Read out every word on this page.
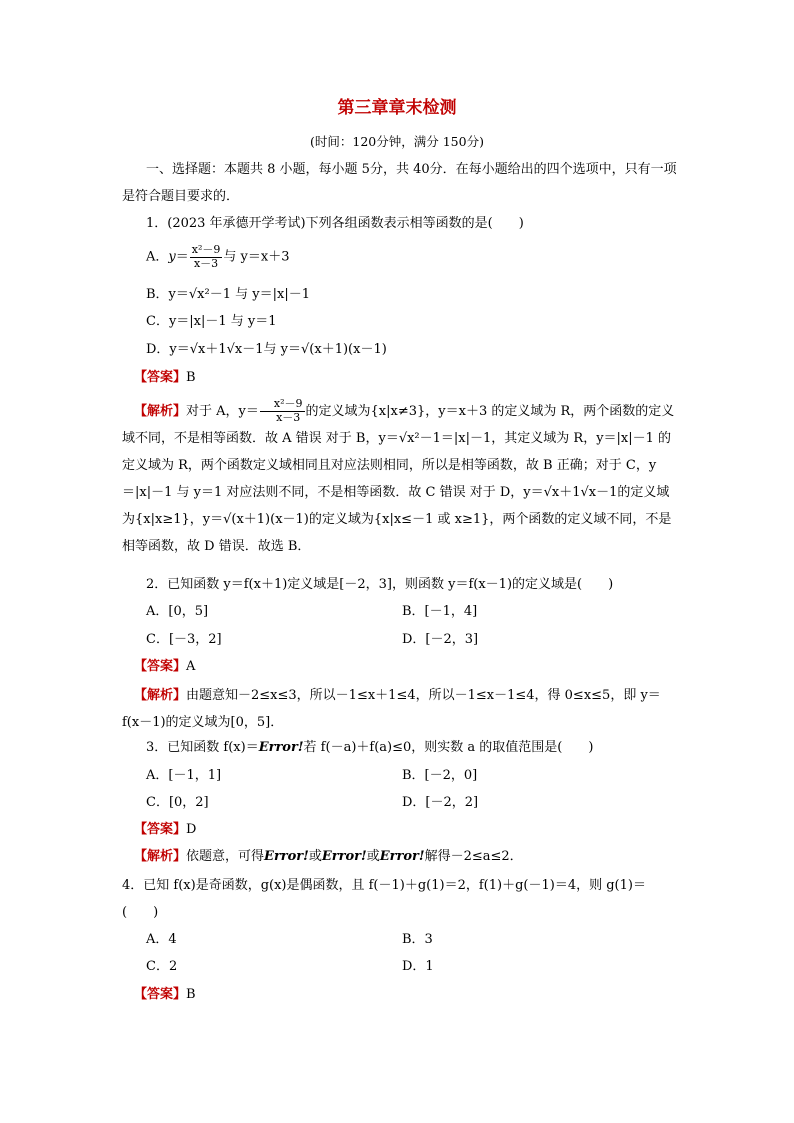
第三章章末检测
(时间：120分钟，满分 150分)
一、选择题：本题共 8 小题，每小题 5分，共 40分．在每小题给出的四个选项中，只有一项是符合题目要求的．
1．(2023 年承德开学考试)下列各组函数表示相等函数的是(　　)
A．$y= \frac{\text{x²－9}}{x-3}$ 与 y＝x＋3
B．y＝√x²－1 与 y＝|x|－1
C．y＝|x|－1 与 y＝1
D．y＝√x＋1√x－1与 y＝√(x＋1)(x－1)
【答案】B
【解析】对于 A，$y= \frac{\text{x²－9}}{x-3}$ 的定义域为{x|x≠3}，y＝x＋3 的定义域为 R，两个函数的定义域不同，不是相等函数．故 A 错误 对于 B，y＝√x²－1＝|x|－1，其定义域为 R，y＝|x|－1 的定义域为 R，两个函数定义域相同且对应法则相同，所以是相等函数，故 B 正确；对于 C，y＝|x|－1 与 y＝1 对应法则不同，不是相等函数．故 C 错误 对于 D，y＝√x＋1√x－1的定义域为{x|x≥1}，y＝√(x＋1)(x－1)的定义域为{x|x≤－1 或 x≥1}，两个函数的定义域不同，不是相等函数，故 D 错误．故选 B．
2．已知函数 y＝f(x＋1)定义域是[－2，3]，则函数 y＝f(x－1)的定义域是(　　)
A．[0，5]	B．[－1，4]
C．[－3，2]	D．[－2，3]
【答案】A
【解析】由题意知－2≤x≤3，所以－1≤x＋1≤4，所以－1≤x－1≤4，得 0≤x≤5，即 y＝f(x－1)的定义域为[0，5]．
3．已知函数 f(x)＝Error!若 f(－a)＋f(a)≤0，则实数 a 的取值范围是(　　)
A．[－1，1]	B．[－2，0]
C．[0，2]	D．[－2，2]
【答案】D
【解析】依题意，可得Error!或Error!或Error!解得－2≤a≤2．
4．已知 f(x)是奇函数，g(x)是偶函数，且 f(－1)＋g(1)＝2，f(1)＋g(－1)＝4，则 g(1)＝(　　)
A．4	B．3
C．2	D．1
【答案】B
